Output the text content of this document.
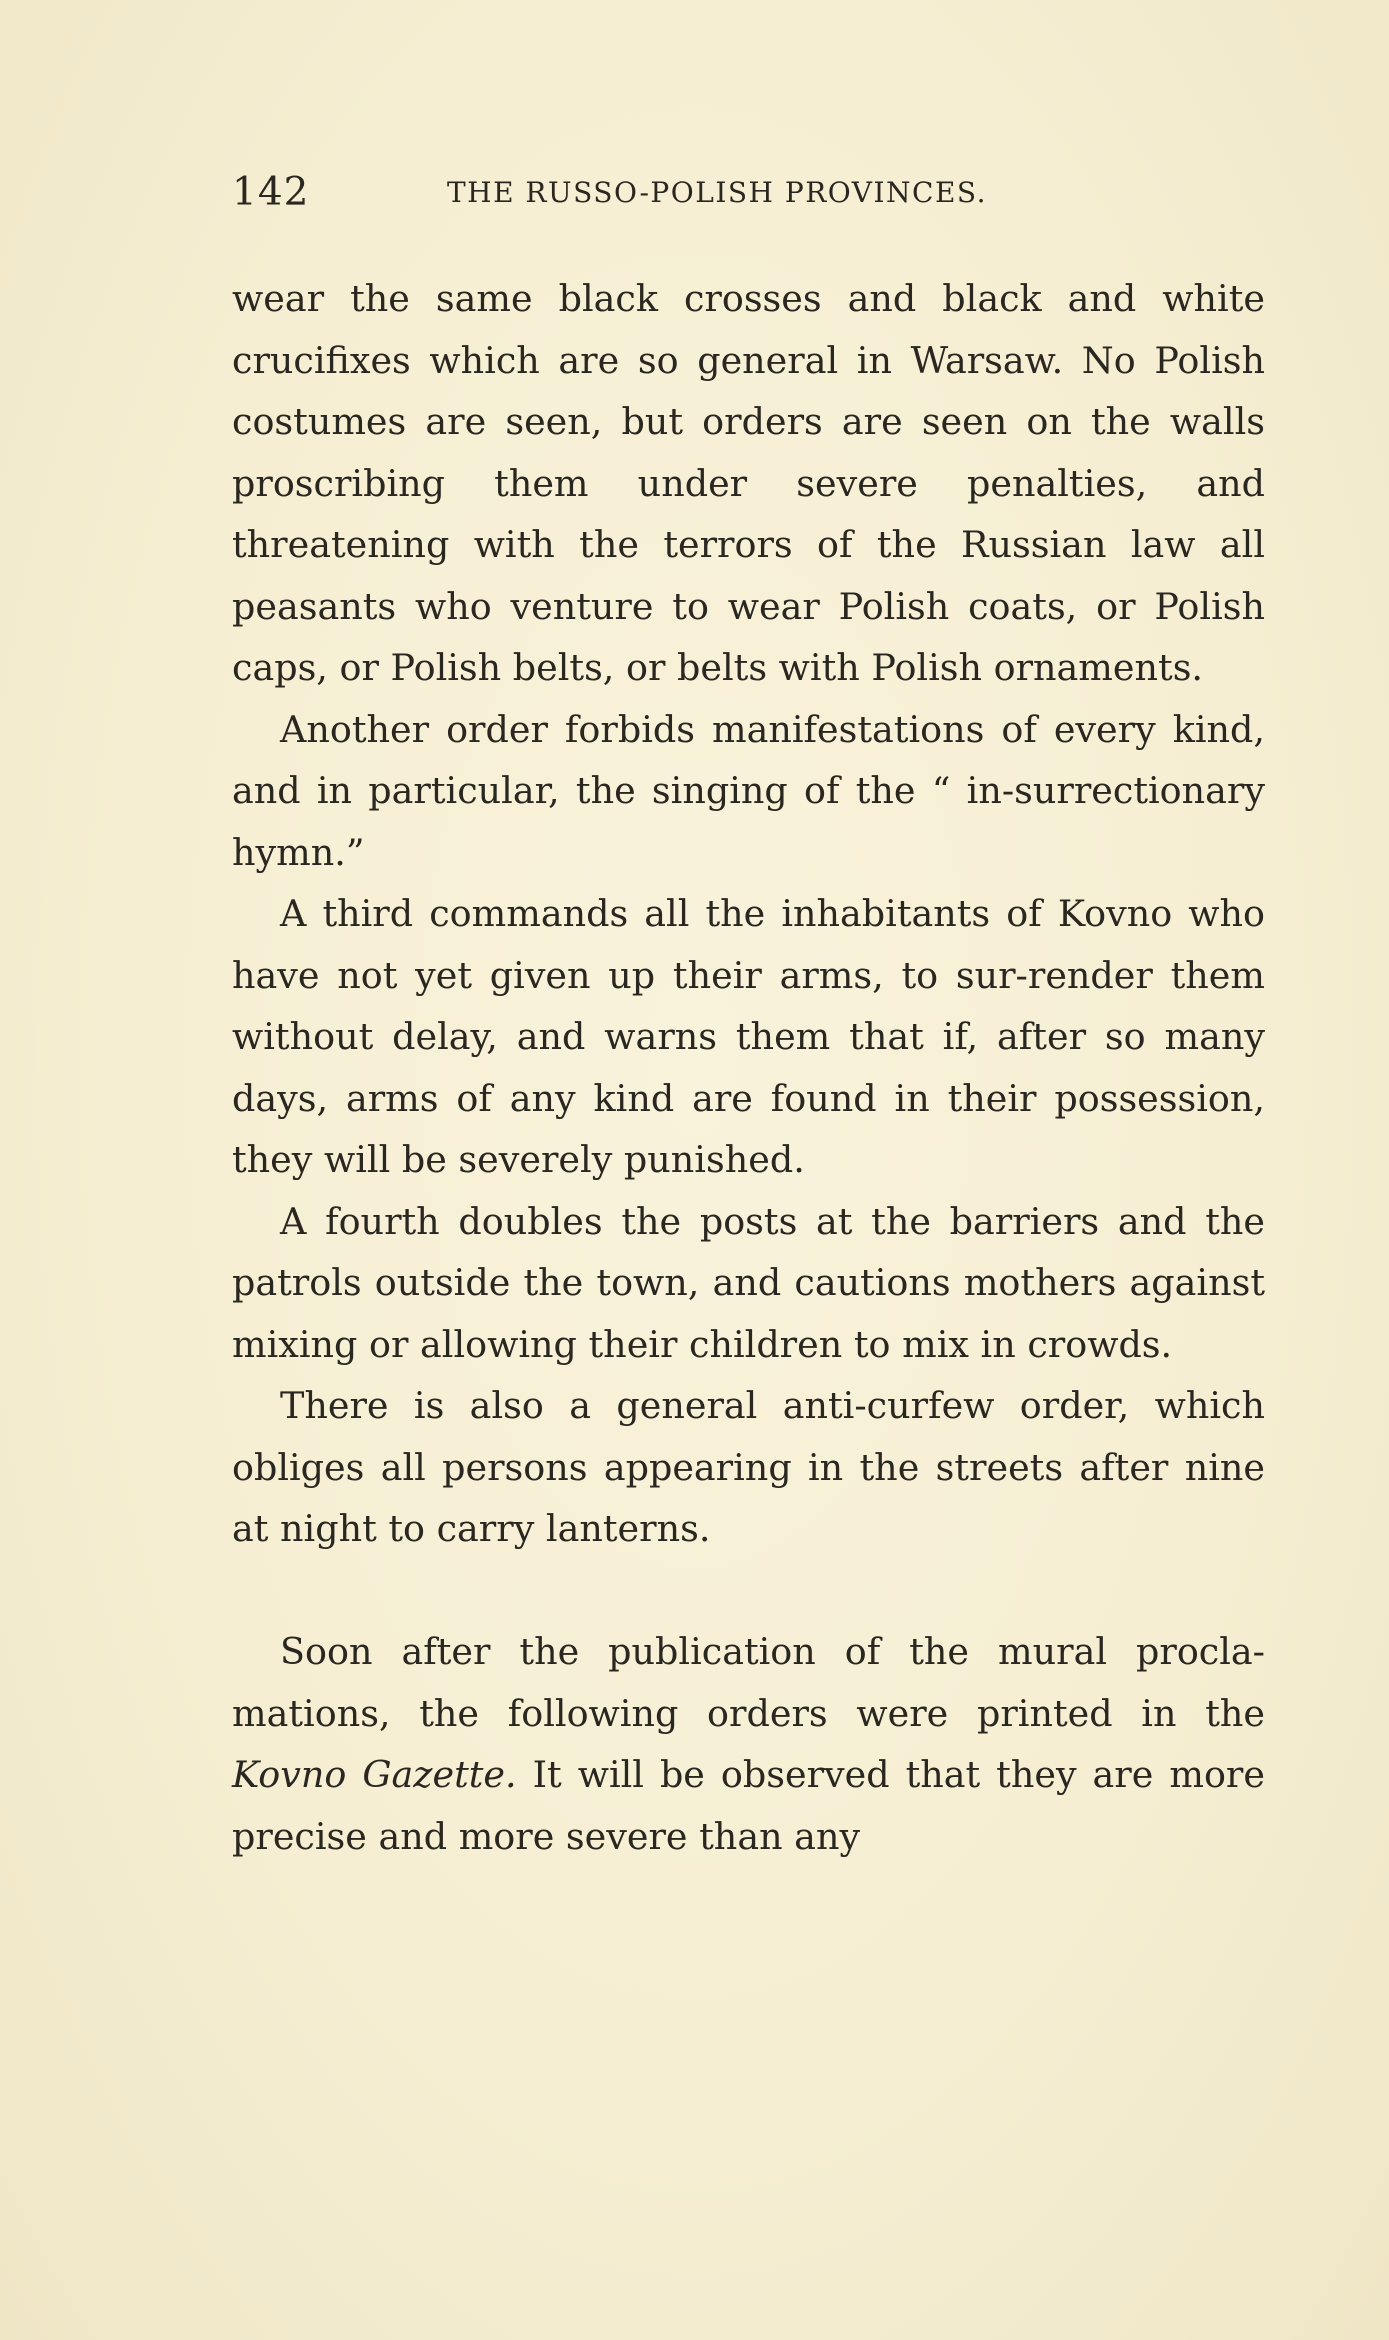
142	THE RUSSO-POLISH PROVINCES.

wear the same black crosses and black and white crucifixes which are so general in Warsaw. No Polish costumes are seen, but orders are seen on the walls proscribing them under severe penalties, and threatening with the terrors of the Russian law all peasants who venture to wear Polish coats, or Polish caps, or Polish belts, or belts with Polish ornaments.

Another order forbids manifestations of every kind, and in particular, the singing of the “ in-surrectionary hymn.”

A third commands all the inhabitants of Kovno who have not yet given up their arms, to sur-render them without delay, and warns them that if, after so many days, arms of any kind are found in their possession, they will be severely punished.

A fourth doubles the posts at the barriers and the patrols outside the town, and cautions mothers against mixing or allowing their children to mix in crowds.

There is also a general anti-curfew order, which obliges all persons appearing in the streets after nine at night to carry lanterns.

Soon after the publication of the mural procla-mations, the following orders were printed in the Kovno Gazette. It will be observed that they are more precise and more severe than any
